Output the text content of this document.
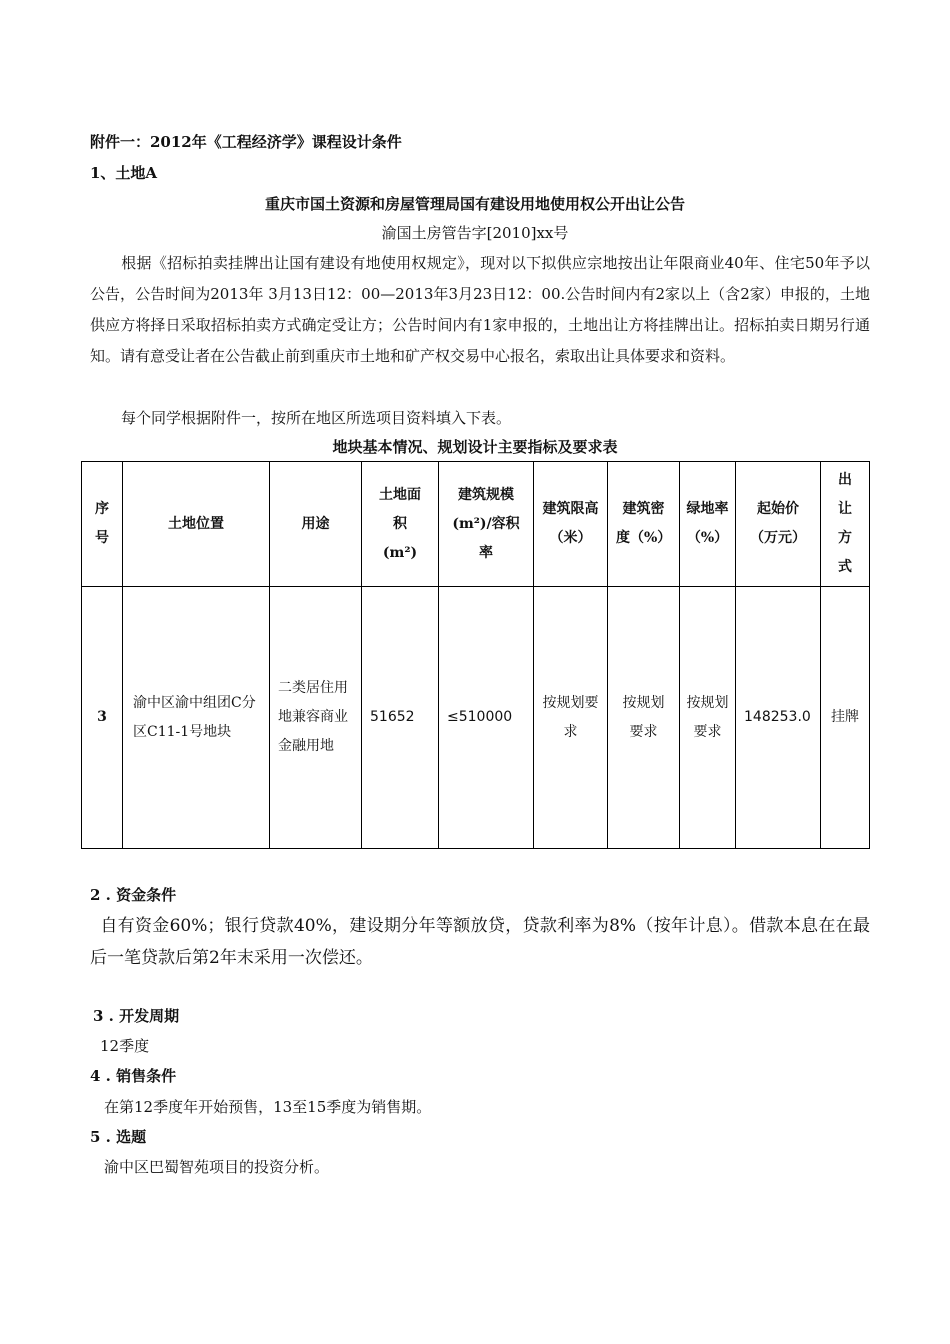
附件一：2012年《工程经济学》课程设计条件
1、土地A
重庆市国土资源和房屋管理局国有建设用地使用权公开出让公告
渝国土房管告字[2010]xx号
根据《招标拍卖挂牌出让国有建设有地使用权规定》，现对以下拟供应宗地按出让年限商业40年、住宅50年予以公告，公告时间为2013年 3月13日12：00—2013年3月23日12：00.公告时间内有2家以上（含2家）申报的，土地供应方将择日采取招标拍卖方式确定受让方；公告时间内有1家申报的，土地出让方将挂牌出让。招标拍卖日期另行通知。请有意受让者在公告截止前到重庆市土地和矿产权交易中心报名，索取出让具体要求和资料。
每个同学根据附件一，按所在地区所选项目资料填入下表。
地块基本情况、规划设计主要指标及要求表
序号	土地位置	用途	土地面积(m²)	建筑规模(m²)/容积率	建筑限高（米）	建筑密度（%）	绿地率（%）	起始价（万元）	出让方式
3	渝中区渝中组团C分区C11-1号地块	二类居住用地兼容商业金融用地	51652	≤510000	按规划要求	按规划要求	按规划要求	148253.0	挂牌
2 . 资金条件
自有资金60%；银行贷款40%，建设期分年等额放贷，贷款利率为8%（按年计息）。借款本息在在最后一笔贷款后第2年末采用一次偿还。
3 . 开发周期
12季度
4 . 销售条件
在第12季度年开始预售，13至15季度为销售期。
5 . 选题
渝中区巴蜀智苑项目的投资分析。
